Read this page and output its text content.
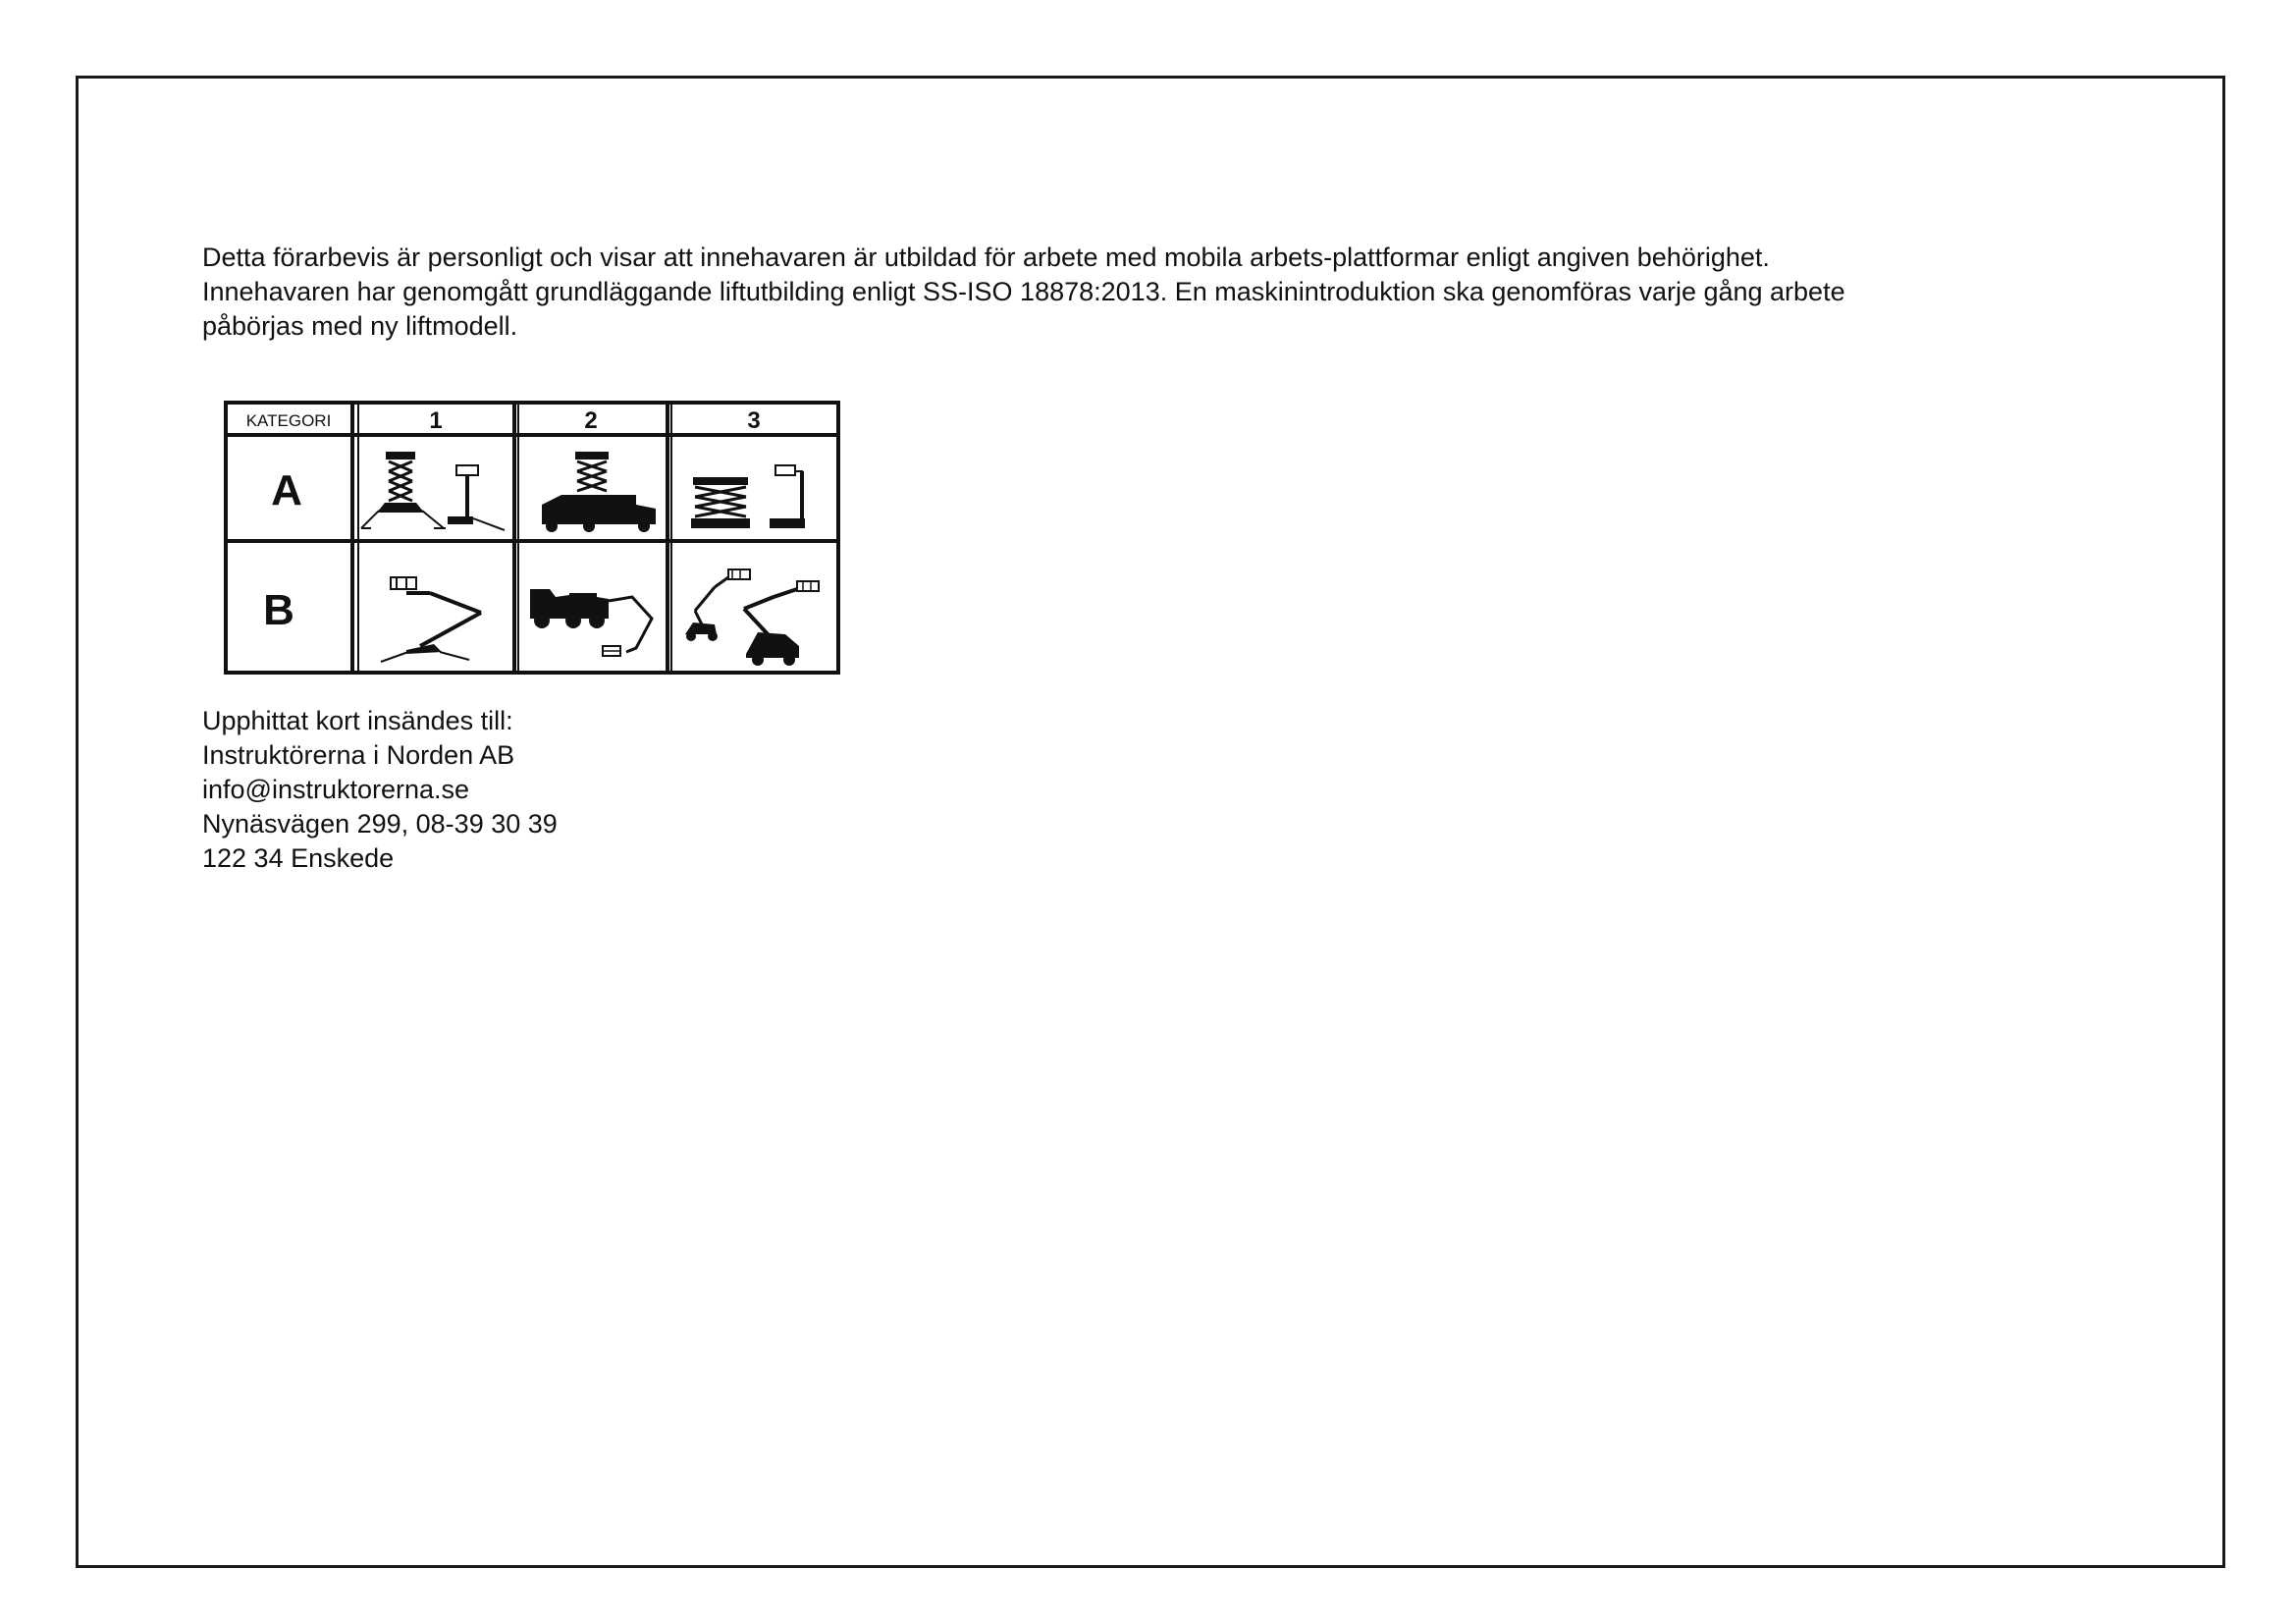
Detta förarbevis är personligt och visar att innehavaren är utbildad för arbete med mobila arbets-plattformar enligt angiven behörighet.

Innehavaren har genomgått grundläggande liftutbilding enligt SS-ISO 18878:2013. En maskinintroduktion ska genomföras varje gång arbete

påbörjas med ny liftmodell.

KATEGORI	1	2	3
A
B
Upphittat kort insändes till:
Instruktörerna i Norden AB
info@instruktorerna.se
Nynäsvägen 299, 08-39 30 39
122 34 Enskede
